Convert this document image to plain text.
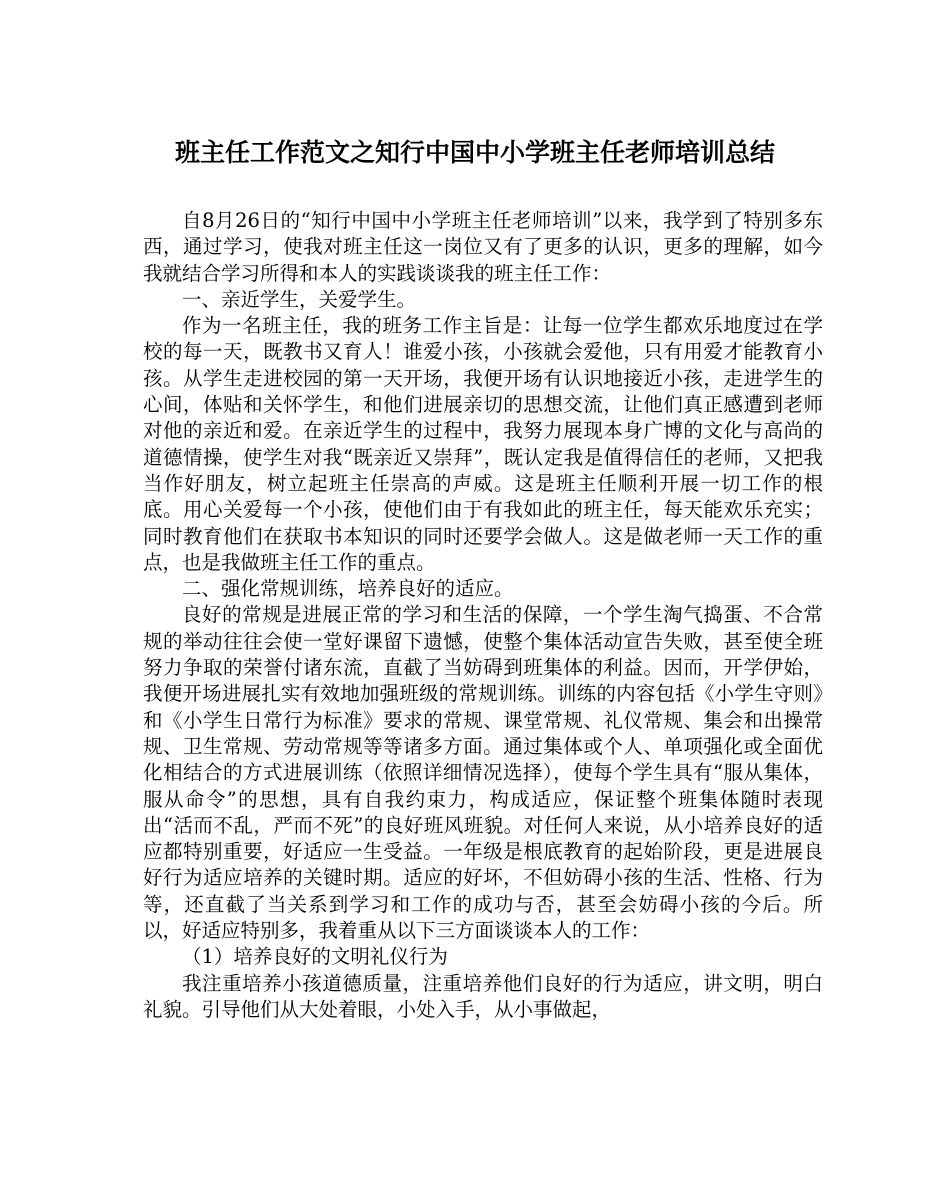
班主任工作范文之知行中国中小学班主任老师培训总结

自8月26日的“知行中国中小学班主任老师培训”以来，我学到了特别多东西，通过学习，使我对班主任这一岗位又有了更多的认识，更多的理解，如今我就结合学习所得和本人的实践谈谈我的班主任工作：

一、亲近学生，关爱学生。

作为一名班主任，我的班务工作主旨是：让每一位学生都欢乐地度过在学校的每一天，既教书又育人！谁爱小孩，小孩就会爱他，只有用爱才能教育小孩。从学生走进校园的第一天开场，我便开场有认识地接近小孩，走进学生的心间，体贴和关怀学生，和他们进展亲切的思想交流，让他们真正感遭到老师对他的亲近和爱。在亲近学生的过程中，我努力展现本身广博的文化与高尚的道德情操，使学生对我“既亲近又崇拜”，既认定我是值得信任的老师，又把我当作好朋友，树立起班主任崇高的声威。这是班主任顺利开展一切工作的根底。用心关爱每一个小孩，使他们由于有我如此的班主任，每天能欢乐充实；同时教育他们在获取书本知识的同时还要学会做人。这是做老师一天工作的重点，也是我做班主任工作的重点。

二、强化常规训练，培养良好的适应。

良好的常规是进展正常的学习和生活的保障，一个学生淘气捣蛋、不合常规的举动往往会使一堂好课留下遗憾，使整个集体活动宣告失败，甚至使全班努力争取的荣誉付诸东流，直截了当妨碍到班集体的利益。因而，开学伊始，我便开场进展扎实有效地加强班级的常规训练。训练的内容包括《小学生守则》和《小学生日常行为标准》要求的常规、课堂常规、礼仪常规、集会和出操常规、卫生常规、劳动常规等等诸多方面。通过集体或个人、单项强化或全面优化相结合的方式进展训练（依照详细情况选择），使每个学生具有“服从集体，服从命令”的思想，具有自我约束力，构成适应，保证整个班集体随时表现出“活而不乱，严而不死”的良好班风班貌。对任何人来说，从小培养良好的适应都特别重要，好适应一生受益。一年级是根底教育的起始阶段，更是进展良好行为适应培养的关键时期。适应的好坏，不但妨碍小孩的生活、性格、行为等，还直截了当关系到学习和工作的成功与否，甚至会妨碍小孩的今后。所以，好适应特别多，我着重从以下三方面谈谈本人的工作：

（1）培养良好的文明礼仪行为

我注重培养小孩道德质量，注重培养他们良好的行为适应，讲文明，明白礼貌。引导他们从大处着眼，小处入手，从小事做起，
